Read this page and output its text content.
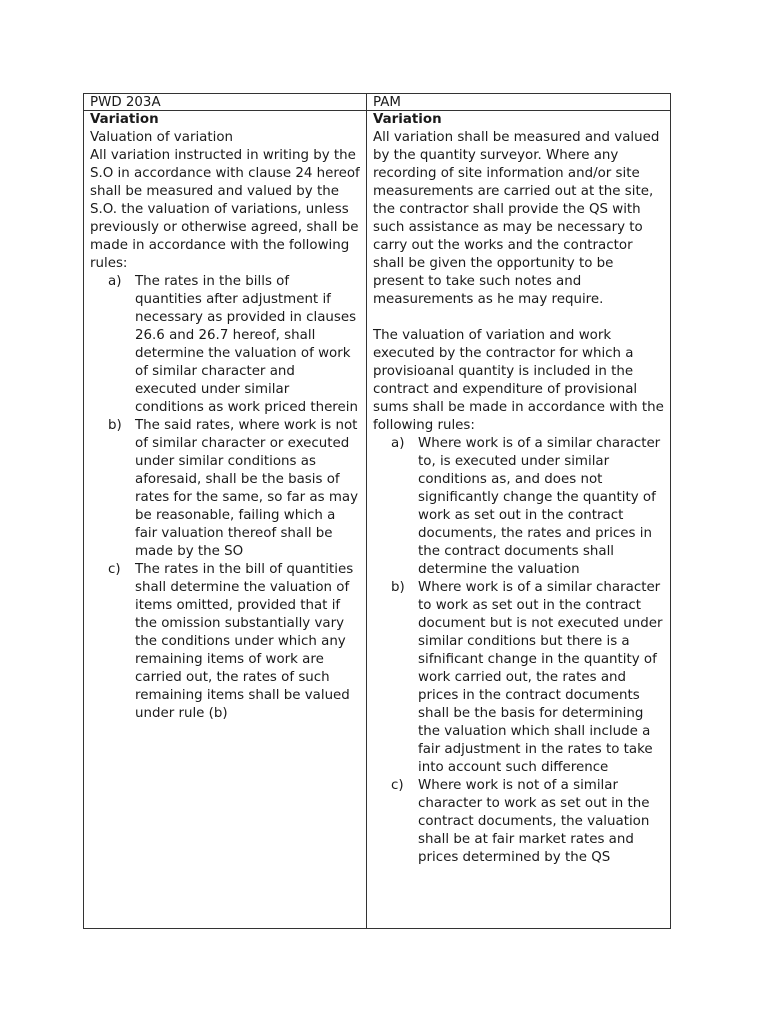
PWD 203A	PAM
Variation
Valuation of variation

All variation instructed in writing by the S.O in accordance with clause 24 hereof shall be measured and valued by the S.O. the valuation of variations, unless previously or otherwise agreed, shall be made in accordance with the following rules:

a) The rates in the bills of quantities after adjustment if necessary as provided in clauses 26.6 and 26.7 hereof, shall determine the valuation of work of similar character and executed under similar conditions as work priced therein
b) The said rates, where work is not of similar character or executed under similar conditions as aforesaid, shall be the basis of rates for the same, so far as may be reasonable, failing which a fair valuation thereof shall be made by the SO
c) The rates in the bill of quantities shall determine the valuation of items omitted, provided that if the omission substantially vary the conditions under which any remaining items of work are carried out, the rates of such remaining items shall be valued under rule (b)
Variation

All variation shall be measured and valued by the quantity surveyor. Where any recording of site information and/or site measurements are carried out at the site, the contractor shall provide the QS with such assistance as may be necessary to carry out the works and the contractor shall be given the opportunity to be present to take such notes and measurements as he may require.

The valuation of variation and work executed by the contractor for which a provisioanal quantity is included in the contract and expenditure of provisional sums shall be made in accordance with the following rules:

a) Where work is of a similar character to, is executed under similar conditions as, and does not significantly change the quantity of work as set out in the contract documents, the rates and prices in the contract documents shall determine the valuation
b) Where work is of a similar character to work as set out in the contract document but is not executed under similar conditions but there is a sifnificant change in the quantity of work carried out, the rates and prices in the contract documents shall be the basis for determining the valuation which shall include a fair adjustment in the rates to take into account such difference
c) Where work is not of a similar character to work as set out in the contract documents, the valuation shall be at fair market rates and prices determined by the QS
